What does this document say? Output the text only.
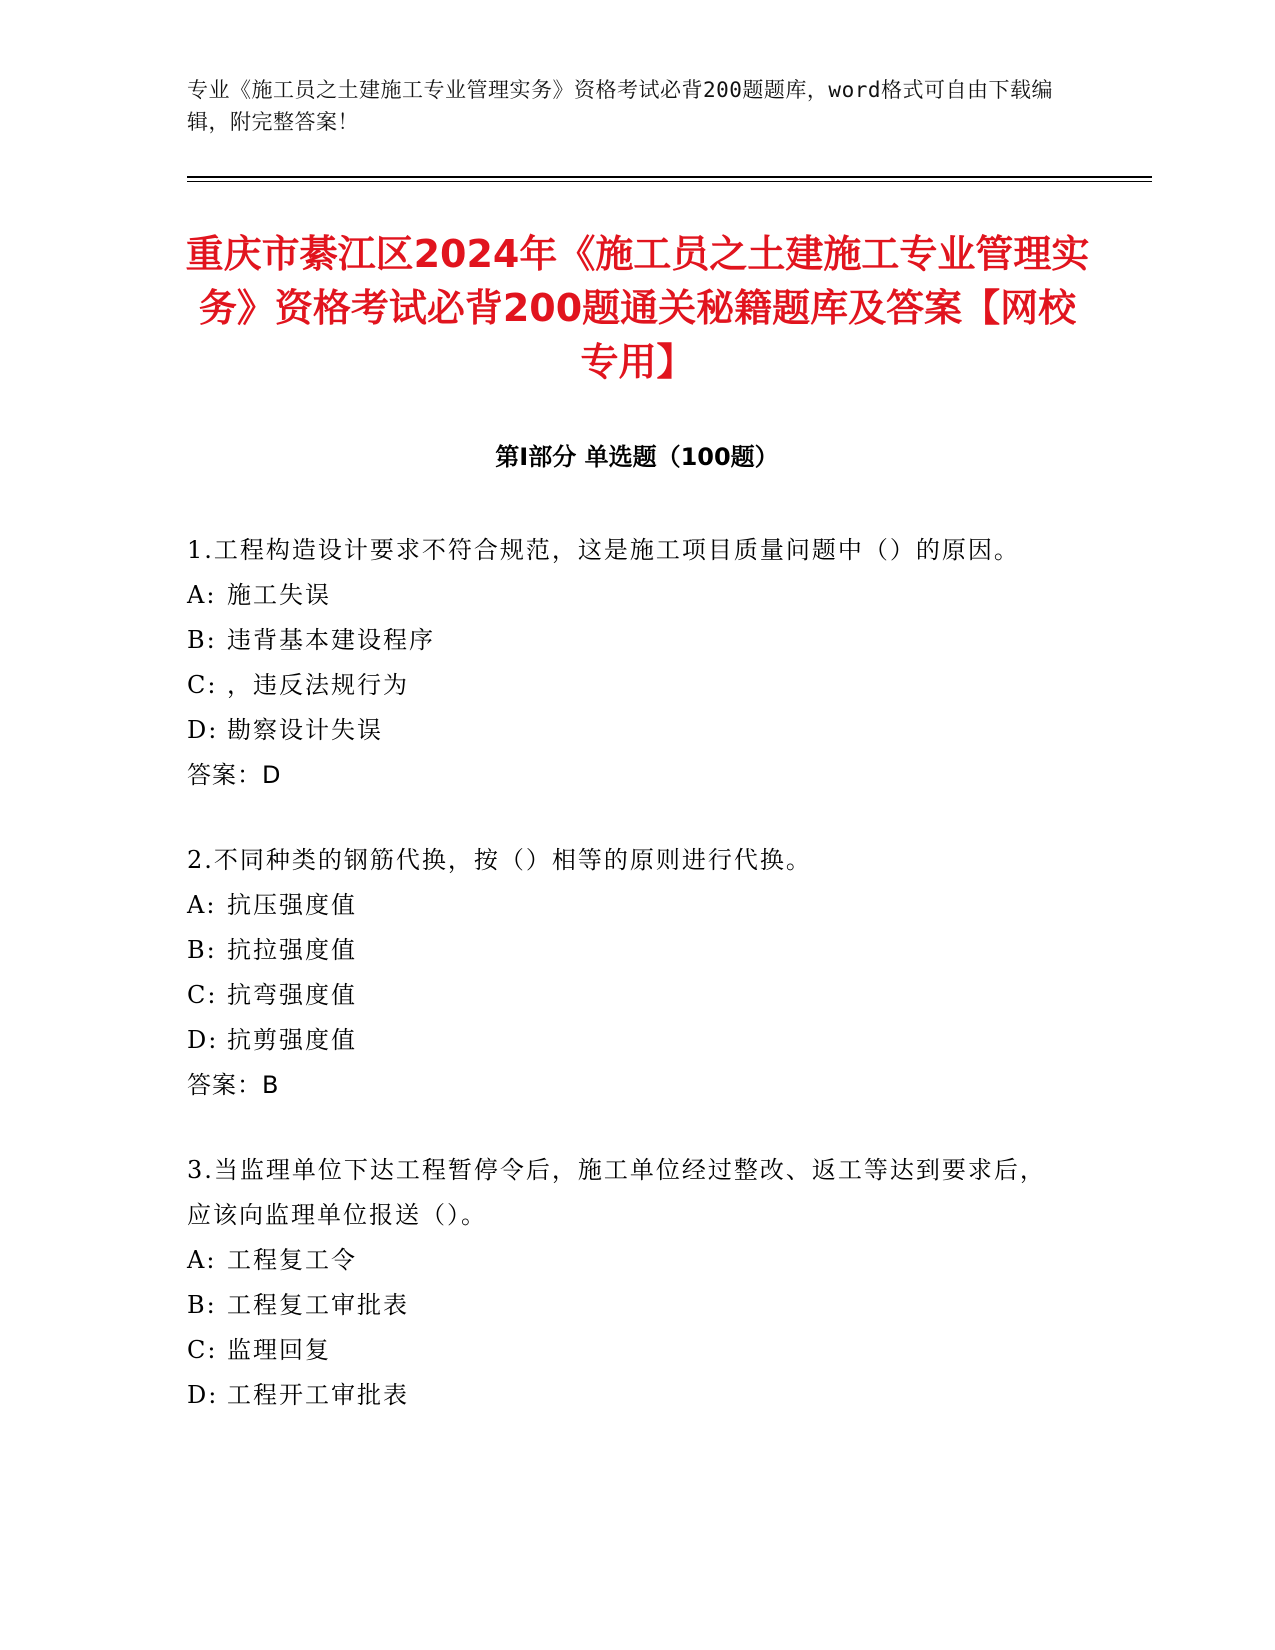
专业《施工员之土建施工专业管理实务》资格考试必背200题题库，word格式可自由下载编辑，附完整答案！
重庆市綦江区2024年《施工员之土建施工专业管理实务》资格考试必背200题通关秘籍题库及答案【网校专用】
第Ⅰ部分 单选题（100题）

1.工程构造设计要求不符合规范，这是施工项目质量问题中（）的原因。

A: 施工失误

B: 违背基本建设程序

C: ，违反法规行为

D: 勘察设计失误

答案：D

2.不同种类的钢筋代换，按（）相等的原则进行代换。

A: 抗压强度值

B: 抗拉强度值

C: 抗弯强度值

D: 抗剪强度值

答案：B

3.当监理单位下达工程暂停令后，施工单位经过整改、返工等达到要求后，应该向监理单位报送（）。

A: 工程复工令

B: 工程复工审批表

C: 监理回复

D: 工程开工审批表
